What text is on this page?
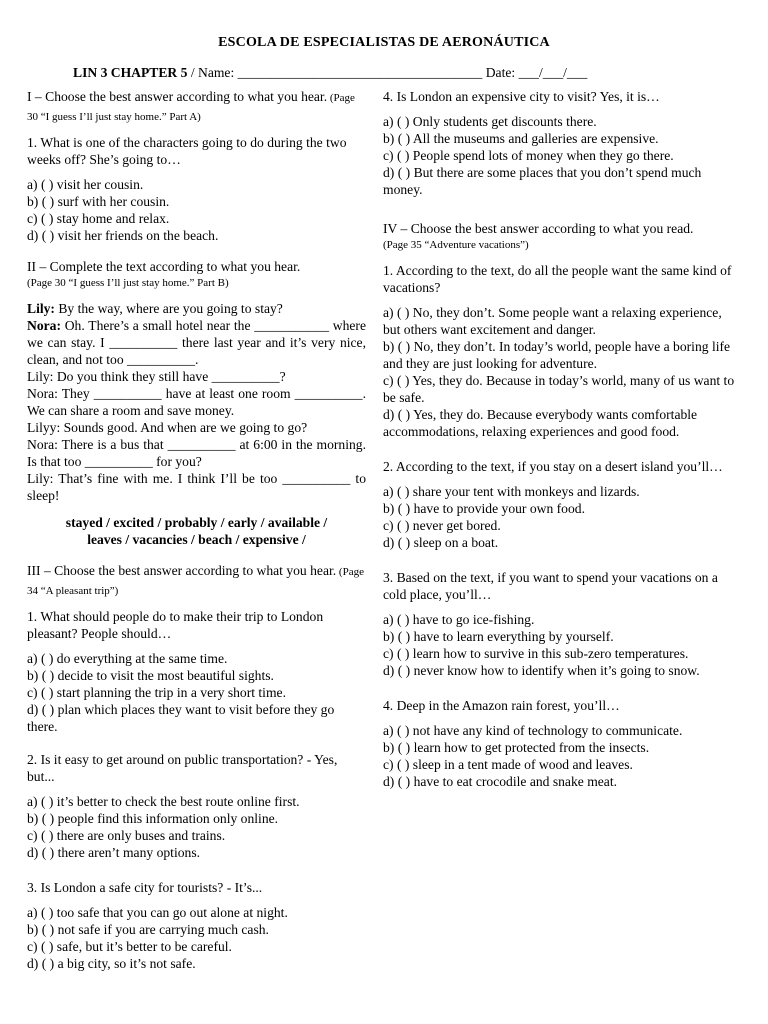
ESCOLA DE ESPECIALISTAS DE AERONÁUTICA
LIN 3 CHAPTER 5 / Name: ____________________________________ Date: ___/___/___

I – Choose the best answer according to what you hear. (Page 30 “I guess I’ll just stay home.” Part A)

1. What is one of the characters going to do during the two weeks off? She’s going to…

a) ( ) visit her cousin.

b) ( ) surf with her cousin.

c) ( ) stay home and relax.

d) ( ) visit her friends on the beach.

II – Complete the text according to what you hear.

(Page 30 “I guess I’ll just stay home.” Part B)

Lily: By the way, where are you going to stay?

Nora: Oh. There’s a small hotel near the ___________ where we can stay. I __________ there last year and it’s very nice, clean, and not too __________.

Lily: Do you think they still have __________?

Nora: They __________ have at least one room __________. We can share a room and save money.

Lilyy: Sounds good. And when are we going to go?

Nora: There is a bus that __________ at 6:00 in the morning. Is that too __________ for you?

Lily: That’s fine with me. I think I’ll be too __________ to sleep!

stayed / excited / probably / early / available /

leaves / vacancies / beach / expensive /

III – Choose the best answer according to what you hear. (Page 34 “A pleasant trip”)

1. What should people do to make their trip to London pleasant? People should…

a) ( ) do everything at the same time.

b) ( ) decide to visit the most beautiful sights.

c) ( ) start planning the trip in a very short time.

d) ( ) plan which places they want to visit before they go there.

2. Is it easy to get around on public transportation? - Yes, but...

a) ( ) it’s better to check the best route online first.

b) ( ) people find this information only online.

c) ( ) there are only buses and trains.

d) ( ) there aren’t many options.

3. Is London a safe city for tourists? - It’s...

a) ( ) too safe that you can go out alone at night.

b) ( ) not safe if you are carrying much cash.

c) ( ) safe, but it’s better to be careful.

d) ( ) a big city, so it’s not safe.

4. Is London an expensive city to visit? Yes, it is…

a) ( ) Only students get discounts there.

b) ( ) All the museums and galleries are expensive.

c) ( ) People spend lots of money when they go there.

d) ( ) But there are some places that you don’t spend much money.

IV – Choose the best answer according to what you read.

(Page 35 “Adventure vacations”)

1. According to the text, do all the people want the same kind of vacations?

a) ( ) No, they don’t. Some people want a relaxing experience, but others want excitement and danger.

b) ( ) No, they don’t. In today’s world, people have a boring life and they are just looking for adventure.

c) ( ) Yes, they do. Because in today’s world, many of us want to be safe.

d) ( ) Yes, they do. Because everybody wants comfortable accommodations, relaxing experiences and good food.

2. According to the text, if you stay on a desert island you’ll…

a) ( ) share your tent with monkeys and lizards.

b) ( ) have to provide your own food.

c) ( ) never get bored.

d) ( ) sleep on a boat.

3. Based on the text, if you want to spend your vacations on a cold place, you’ll…

a) ( ) have to go ice-fishing.

b) ( ) have to learn everything by yourself.

c) ( ) learn how to survive in this sub-zero temperatures.

d) ( ) never know how to identify when it’s going to snow.

4. Deep in the Amazon rain forest, you’ll…

a) ( ) not have any kind of technology to communicate.

b) ( ) learn how to get protected from the insects.

c) ( ) sleep in a tent made of wood and leaves.

d) ( ) have to eat crocodile and snake meat.
